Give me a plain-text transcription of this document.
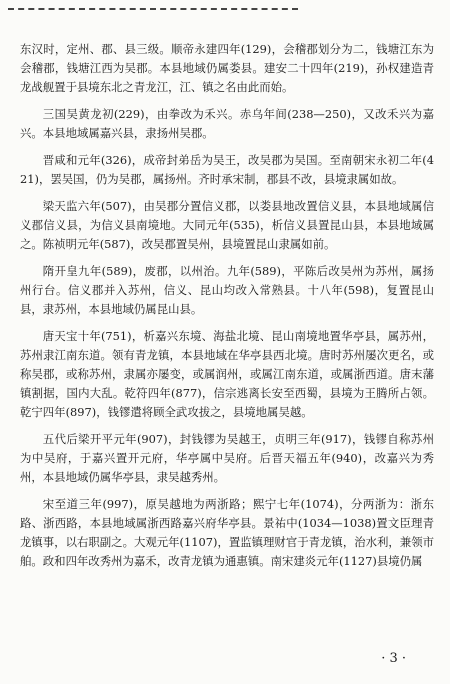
东汉时，定州、郡、县三级。顺帝永建四年(129)，会稽郡划分为二，钱塘江东为会稽郡，钱塘江西为吴郡。本县地域仍属娄县。建安二十四年(219)，孙权建造青龙战舰置于县境东北之青龙江，江、镇之名由此而始。

三国吴黄龙初(229)，由拳改为禾兴。赤乌年间(238—250)，又改禾兴为嘉兴。本县地域属嘉兴县，隶扬州吴郡。

晋咸和元年(326)，成帝封弟岳为吴王，改吴郡为吴国。至南朝宋永初二年(421)，罢吴国，仍为吴郡，属扬州。齐时承宋制，郡县不改，县境隶属如故。

梁天监六年(507)，由吴郡分置信义郡，以娄县地改置信义县，本县地域属信义郡信义县，为信义县南境地。大同元年(535)，析信义县置昆山县，本县地域属之。陈祯明元年(587)，改吴郡置吴州，县境置昆山隶属如前。

隋开皇九年(589)，废郡，以州治。九年(589)，平陈后改吴州为苏州，属扬州行台。信义郡并入苏州，信义、昆山均改入常熟县。十八年(598)，复置昆山县，隶苏州，本县地域仍属昆山县。

唐天宝十年(751)，析嘉兴东境、海盐北境、昆山南境地置华亭县，属苏州，苏州隶江南东道。领有青龙镇，本县地域在华亭县西北境。唐时苏州屡次更名，或称吴郡，或称苏州，隶属亦屡变，或属润州，或属江南东道，或属浙西道。唐末藩镇割据，国内大乱。乾符四年(877)，信宗逃离长安至西蜀，县境为王腾所占领。乾宁四年(897)，钱镠遣将顾全武攻拔之，县境地属吴越。

五代后梁开平元年(907)，封钱镠为吴越王，贞明三年(917)，钱镠自称苏州为中吴府，于嘉兴置开元府，华亭属中吴府。后晋天福五年(940)，改嘉兴为秀州，本县地域仍属华亭县，隶吴越秀州。

宋至道三年(997)，原吴越地为两浙路；熙宁七年(1074)，分两浙为：浙东路、浙西路，本县地域属浙西路嘉兴府华亭县。景祐中(1034—1038)置文臣理青龙镇事，以右职副之。大观元年(1107)，置监镇理财官于青龙镇，治水利，兼领市舶。政和四年改秀州为嘉禾，改青龙镇为通惠镇。南宋建炎元年(1127)县境仍属

· 3 ·
